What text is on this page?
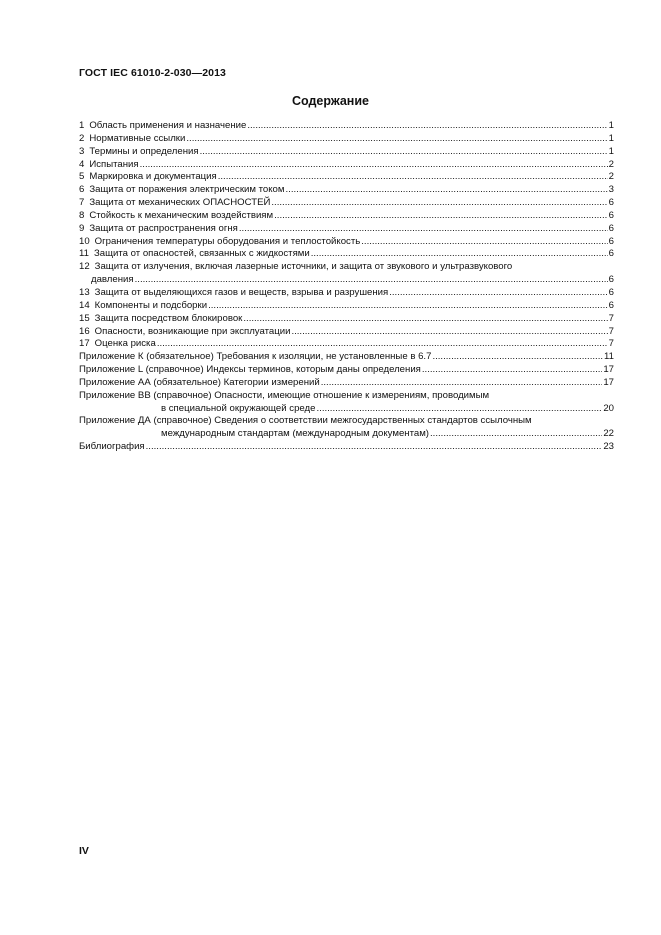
ГОСТ IEC 61010-2-030—2013
Содержание
1 Область применения и назначение .....	1
2 Нормативные ссылки .....	1
3 Термины и определения .....	1
4 Испытания .....	2
5 Маркировка и документация .....	2
6 Защита от поражения электрическим током .....	3
7 Защита от механических ОПАСНОСТЕЙ .....	6
8 Стойкость к механическим воздействиям .....	6
9 Защита от распространения огня .....	6
10 Ограничения температуры оборудования и теплостойкость .....	6
11 Защита от опасностей, связанных с жидкостями .....	6
12 Защита от излучения, включая лазерные источники, и защита от звукового и ультразвукового
давления .....	6
13 Защита от выделяющихся газов и веществ, взрыва и разрушения .....	6
14 Компоненты и подсборки .....	6
15 Защита посредством блокировок .....	7
16 Опасности, возникающие при эксплуатации .....	7
17 Оценка риска .....	7
Приложение К (обязательное) Требования к изоляции, не установленные в 6.7 .....	11
Приложение L (справочное) Индексы терминов, которым даны определения .....	17
Приложение АА (обязательное) Категории измерений .....	17
Приложение ВВ (справочное) Опасности, имеющие отношение к измерениям, проводимым
в специальной окружающей среде .....	20
Приложение ДА (справочное) Сведения о соответствии межгосударственных стандартов ссылочным
международным стандартам (международным документам) .....	22
Библиография .....	23
IV
